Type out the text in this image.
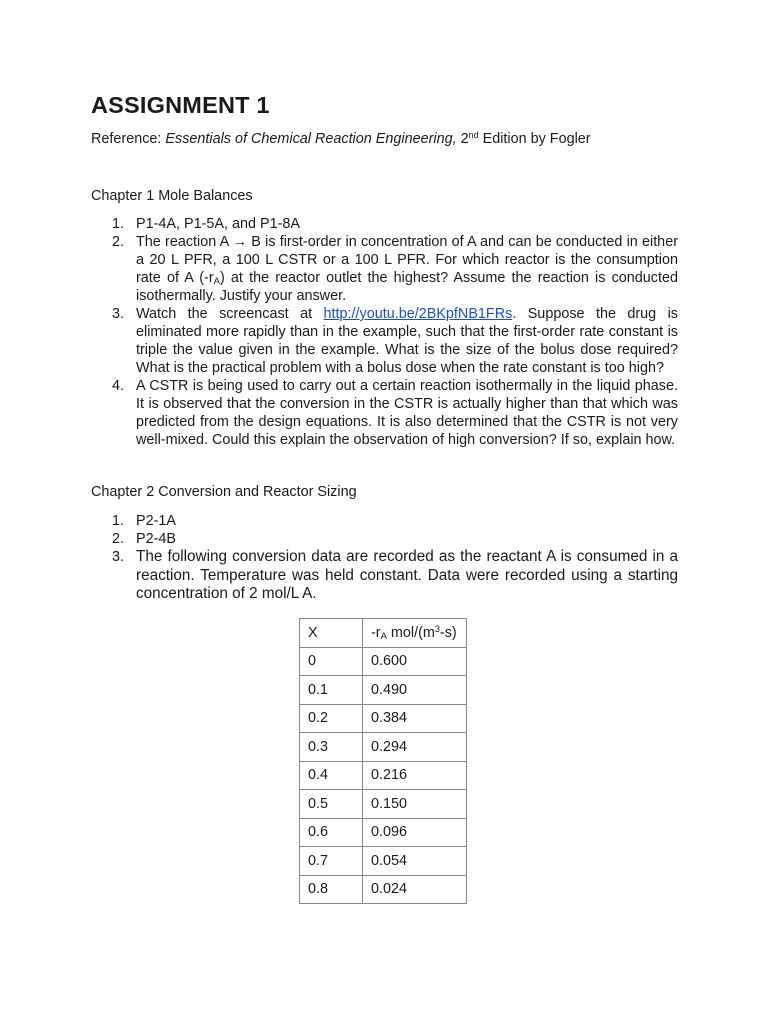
ASSIGNMENT 1

Reference: Essentials of Chemical Reaction Engineering, 2nd Edition by Fogler

Chapter 1 Mole Balances

1. P1-4A, P1-5A, and P1-8A
2. The reaction A → B is first-order in concentration of A and can be conducted in either a 20 L PFR, a 100 L CSTR or a 100 L PFR. For which reactor is the consumption rate of A $(-r_A)$ at the reactor outlet the highest? Assume the reaction is conducted isothermally. Justify your answer.
3. Watch the screencast at http://youtu.be/2BKpfNB1FRs. Suppose the drug is eliminated more rapidly than in the example, such that the first-order rate constant is triple the value given in the example. What is the size of the bolus dose required? What is the practical problem with a bolus dose when the rate constant is too high?
4. A CSTR is being used to carry out a certain reaction isothermally in the liquid phase. It is observed that the conversion in the CSTR is actually higher than that which was predicted from the design equations. It is also determined that the CSTR is not very well-mixed. Could this explain the observation of high conversion? If so, explain how.

Chapter 2 Conversion and Reactor Sizing

1. P2-1A
2. P2-4B
3. The following conversion data are recorded as the reactant A is consumed in a reaction. Temperature was held constant. Data were recorded using a starting concentration of 2 mol/L A.
X	$-r_A$ mol/$(m^3-s)$
0	0.600
0.1	0.490
0.2	0.384
0.3	0.294
0.4	0.216
0.5	0.150
0.6	0.096
0.7	0.054
0.8	0.024
